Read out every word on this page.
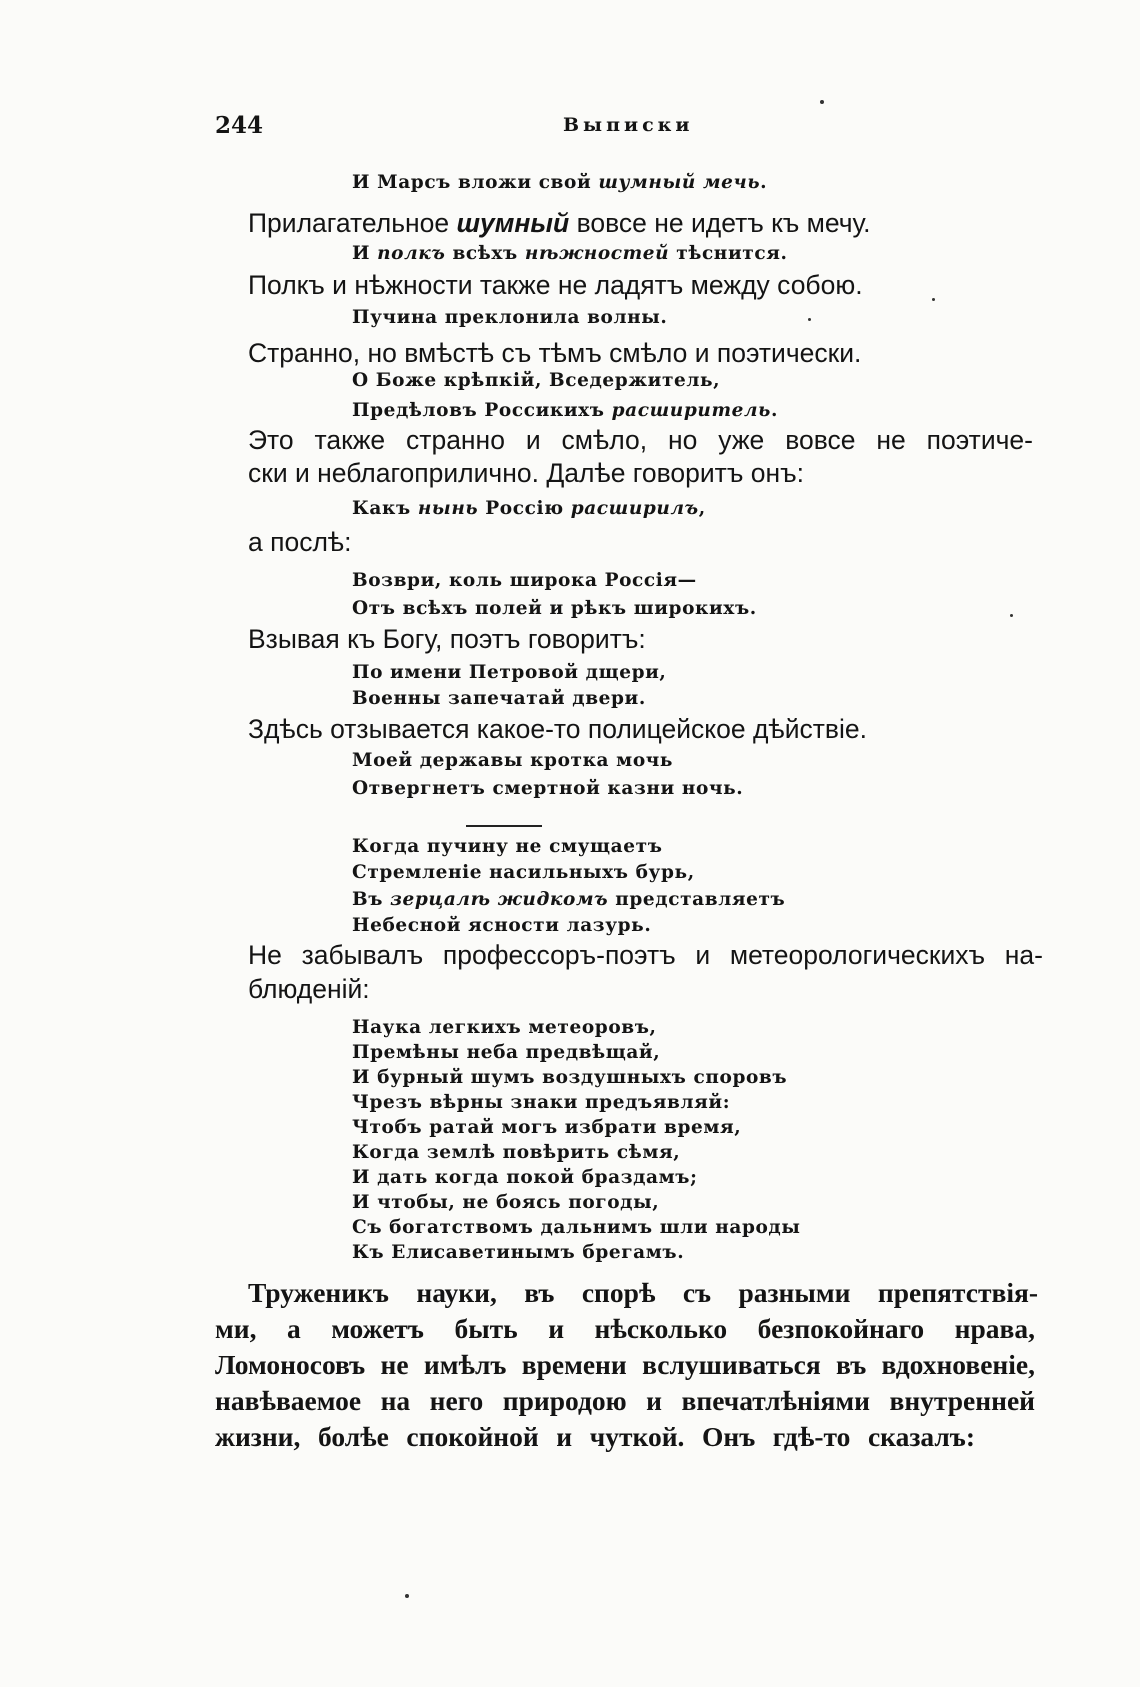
244	Выписки
И Марсъ вложи свой шумный мечь.
Прилагательное шумный вовсе не идетъ къ мечу.
И полкъ всѣхъ нѣжностей тѣснится.
Полкъ и нѣжности также не ладятъ между собою.
Пучина преклонила волны.
Странно, но вмѣстѣ съ тѣмъ смѣло и поэтически.
О Боже крѣпкій, Вседержитель,
Предѣловъ Россикихъ расширитель.
Это также странно и смѣло, но уже вовсе не поэтиче-
ски и неблагоприлично. Далѣе говоритъ онъ:
Какъ нынь Россію расширилъ,
а послѣ:
Возври, коль широка Россія—
Отъ всѣхъ полей и рѣкъ широкихъ.
Взывая къ Богу, поэтъ говоритъ:
По имени Петровой дщери,
Военны запечатай двери.
Здѣсь отзывается какое-то полицейское дѣйствіе.
Моей державы кротка мочь
Отвергнетъ смертной казни ночь.
Когда пучину не смущаетъ
Стремленіе насильныхъ бурь,
Въ зерцалѣ жидкомъ представляетъ
Небесной ясности лазурь.
Не забывалъ профессоръ-поэтъ и метеорологическихъ на-
блюденій:
Наука легкихъ метеоровъ,
Премѣны неба предвѣщай,
И бурный шумъ воздушныхъ споровъ
Чрезъ вѣрны знаки предъявляй:
Чтобъ ратай могъ избрати время,
Когда землѣ повѣрить сѣмя,
И дать когда покой браздамъ;
И чтобы, не боясь погоды,
Съ богатствомъ дальнимъ шли народы
Къ Елисаветинымъ брегамъ.
Труженикъ науки, въ спорѣ съ разными препятствія-
ми, а можетъ быть и нѣсколько безпокойнаго нрава,
Ломоносовъ не имѣлъ времени вслушиваться въ вдохновеніе,
навѣваемое на него природою и впечатлѣніями внутренней
жизни, болѣе спокойной и чуткой. Онъ гдѣ-то сказалъ:
